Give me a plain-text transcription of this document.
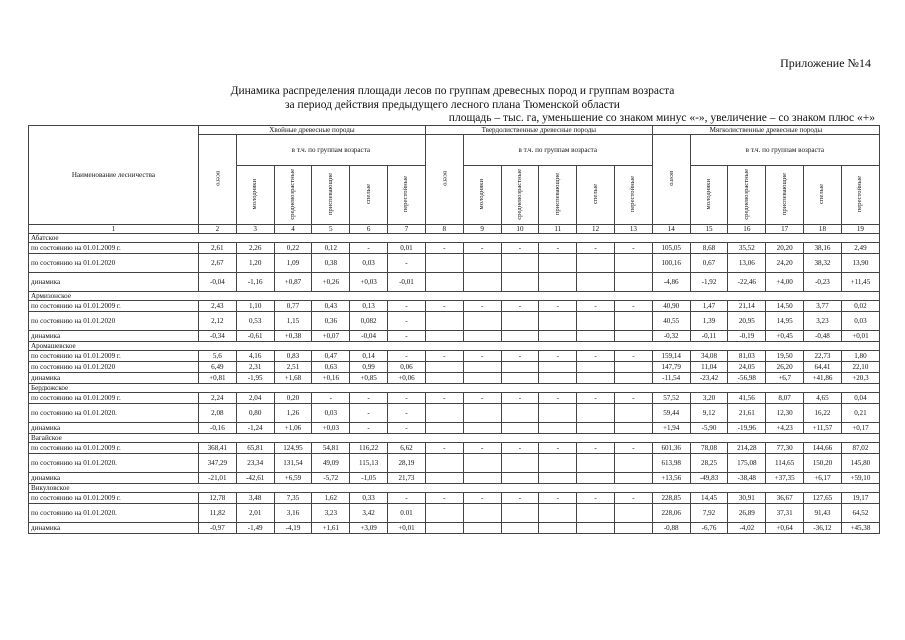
Приложение №14
Динамика распределения площади лесов по группам древесных пород и группам возраста
за период действия предыдущего лесного плана Тюменской области
площадь – тыс. га, уменьшение со знаком минус «-», увеличение – со знаком плюс «+»
Наименование лесничества	Хвойные древесные породы						Твердолиственные древесные породы						Мягколиственные древесные породы					
	всего	в т.ч. по группам возраста					всего	в т.ч. по группам возраста					всего	в т.ч. по группам возраста				
		молодняки	средневозрастные	приспевающие	спелые	перестойные		молодняки	средневозрастные	приспевающие	спелые	перестойные		молодняки	средневозрастные	приспевающие	спелые	перестойные
1	2	3	4	5	6	7	8	9	10	11	12	13	14	15	16	17	18	19
Абатское																		
по состоянию на 01.01.2009 г.	2,61	2,26	0,22	0,12	-	0,01	-	-	-	-	-	-	105,05	8,68	35,52	20,20	38,16	2,49
по состоянию на 01.01.2020	2,67	1,20	1,09	0,38	0,03	-							100,16	0,67	13,06	24,20	38,32	13,90
динамика	-0,04	-1,16	+0,87	+0,26	+0,03	-0,01							-4,86	-1,92	-22,46	+4,00	-0,23	+11,45
Армизонское																		
по состоянию на 01.01.2009 г.	2,43	1,10	0,77	0,43	0,13	-	-	-	-	-	-	-	40,90	1,47	21,14	14,50	3,77	0,02
по состоянию на 01.01.2020	2,12	0,53	1,15	0,36	0,082	-							40,55	1,39	20,95	14,95	3,23	0,03
динамика	-0,34	-0,61	+0,38	+0,07	-0,04	-							-0,32	-0,11	-0,19	+0,45	-0,48	+0,01
Аромашевское																		
по состоянию на 01.01.2009 г.	5,6	4,16	0,83	0,47	0,14	-	-	-	-	-	-	-	159,14	34,08	81,03	19,50	22,73	1,80
по состоянию на 01.01.2020	6,49	2,31	2,51	0,63	0,99	0,06							147,79	11,04	24,05	26,20	64,41	22,10
динамика	+0,81	-1,95	+1,68	+0,16	+0,85	+0,06							-11,54	-23,42	-56,98	+6,7	+41,86	+20,3
Бердюжское																		
по состоянию на 01.01.2009 г.	2,24	2,04	0,20	-	-	-	-	-	-	-	-	-	57,52	3,20	41,56	8,07	4,65	0,04
по состоянию на 01.01.2020.	2,08	0,80	1,26	0,03	-	-							59,44	9,12	21,61	12,30	16,22	0,21
динамика	-0,16	-1,24	+1,06	+0,03	-	-							+1,94	-5,90	-19,96	+4,23	+11,57	+0,17
Вагайское																		
по состоянию на 01.01.2009 г.	368,41	65,81	124,95	54,81	116,22	6,62	-	-	-	-	-	-	601,36	78,08	214,28	77,30	144,66	87,02
по состоянию на 01.01.2020.	347,29	23,34	131,54	49,09	115,13	28,19							613,98	28,25	175,08	114,65	150,20	145,80
динамика	-21,01	-42,61	+6,59	-5,72	-1,05	21,73							+13,56	-49,83	-38,48	+37,35	+6,17	+59,10
Викуловское																		
по состоянию на 01.01.2009 г.	12,78	3,48	7,35	1,62	0,33	-	-	-	-	-	-	-	228,85	14,45	30,91	36,67	127,65	19,17
по состоянию на 01.01.2020.	11,82	2,01	3,16	3,23	3,42	0.01							228,06	7,92	26,89	37,31	91,43	64,52
динамика	-0,97	-1,49	-4,19	+1,61	+3,09	+0,01							-0,88	-6,76	-4,02	+0,64	-36,12	+45,38
